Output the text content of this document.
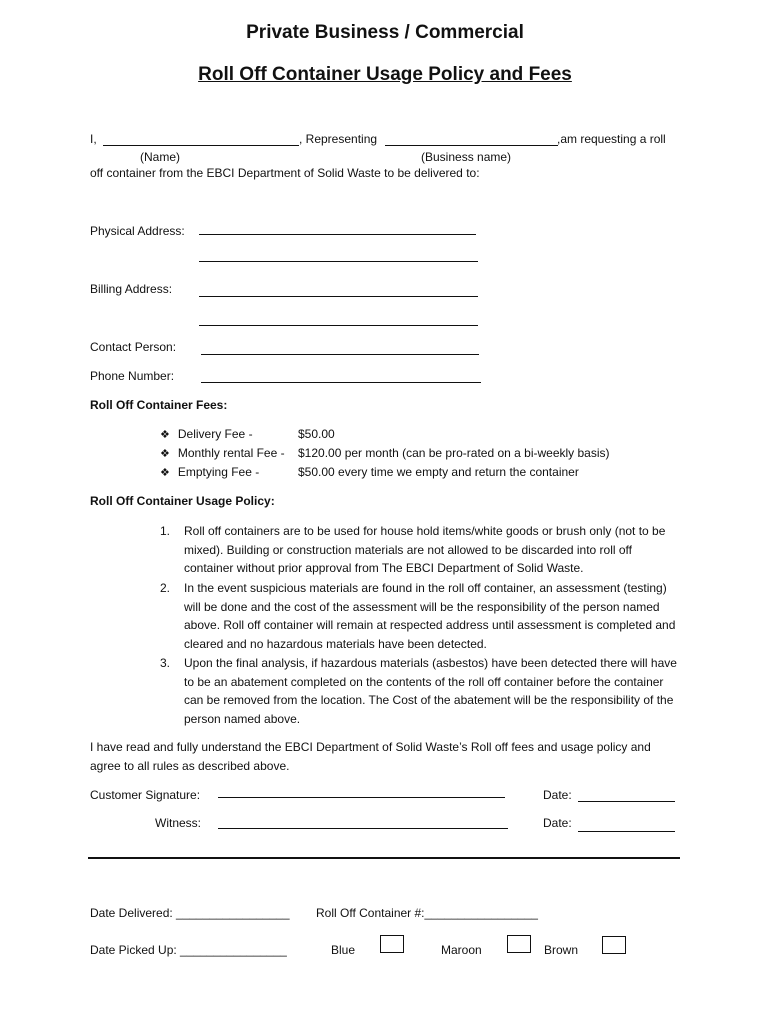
Private Business / Commercial
Roll Off Container Usage Policy and Fees
I,	, Representing	,am requesting a roll
(Name)	(Business name)
off container from the EBCI Department of Solid Waste to be delivered to:
Physical Address:
Billing Address:
Contact Person:
Phone Number:
Roll Off Container Fees:
❖ Delivery Fee -	$50.00
❖ Monthly rental Fee - $120.00 per month (can be pro-rated on a bi-weekly basis)
❖ Emptying Fee -	$50.00 every time we empty and return the container
Roll Off Container Usage Policy:
1. Roll off containers are to be used for house hold items/white goods or brush only (not to be mixed). Building or construction materials are not allowed to be discarded into roll off container without prior approval from The EBCI Department of Solid Waste.
2. In the event suspicious materials are found in the roll off container, an assessment (testing) will be done and the cost of the assessment will be the responsibility of the person named above. Roll off container will remain at respected address until assessment is completed and cleared and no hazardous materials have been detected.
3. Upon the final analysis, if hazardous materials (asbestos) have been detected there will have to be an abatement completed on the contents of the roll off container before the container can be removed from the location. The Cost of the abatement will be the responsibility of the person named above.
I have read and fully understand the EBCI Department of Solid Waste’s Roll off fees and usage policy and
agree to all rules as described above.
Customer Signature:	Date:
Witness:	Date:
Date Delivered: _________________ Roll Off Container #:_________________
Date Picked Up: ________________	Blue	Maroon	Brown
